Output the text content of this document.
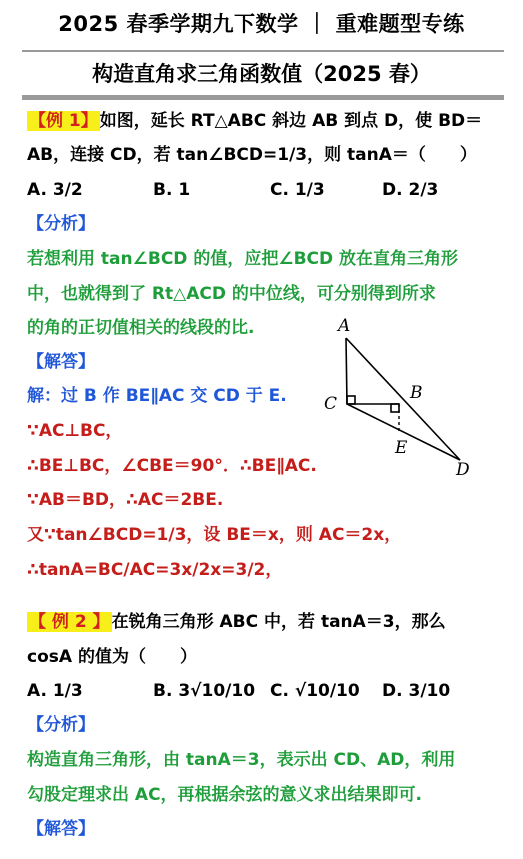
2025 春季学期九下数学 ｜ 重难题型专练
构造直角求三角函数值（2025 春）
【例 1】 如图，延长 RT△ABC 斜边 AB 到点 D，使 BD＝
AB，连接 CD，若 tan∠BCD=1/3，则 tanA＝（　　）
A. 3/2	B. 1	C. 1/3	D. 2/3
【分析】
若想利用 tan∠BCD 的值，应把∠BCD 放在直角三角形
中，也就得到了 Rt△ACD 的中位线，可分别得到所求
的角的正切值相关的线段的比.
【解答】
解：过 B 作 BE∥AC 交 CD 于 E.
∵AC⊥BC，
∴BE⊥BC，∠CBE＝90°．∴BE∥AC.
∵AB＝BD，∴AC＝2BE.
又∵tan∠BCD=1/3，设 BE＝x，则 AC＝2x，
∴tanA=BC/AC=3x/2x=3/2，
A
B
C
D
E
【 例 2 】 在锐角三角形 ABC 中，若 tanA＝3，那么
cosA 的值为（　　）
A. 1/3	B. 3√10/10 C. √10/10 D. 3/10
【分析】
构造直角三角形，由 tanA＝3，表示出 CD、AD，利用
勾股定理求出 AC，再根据余弦的意义求出结果即可.
【解答】
